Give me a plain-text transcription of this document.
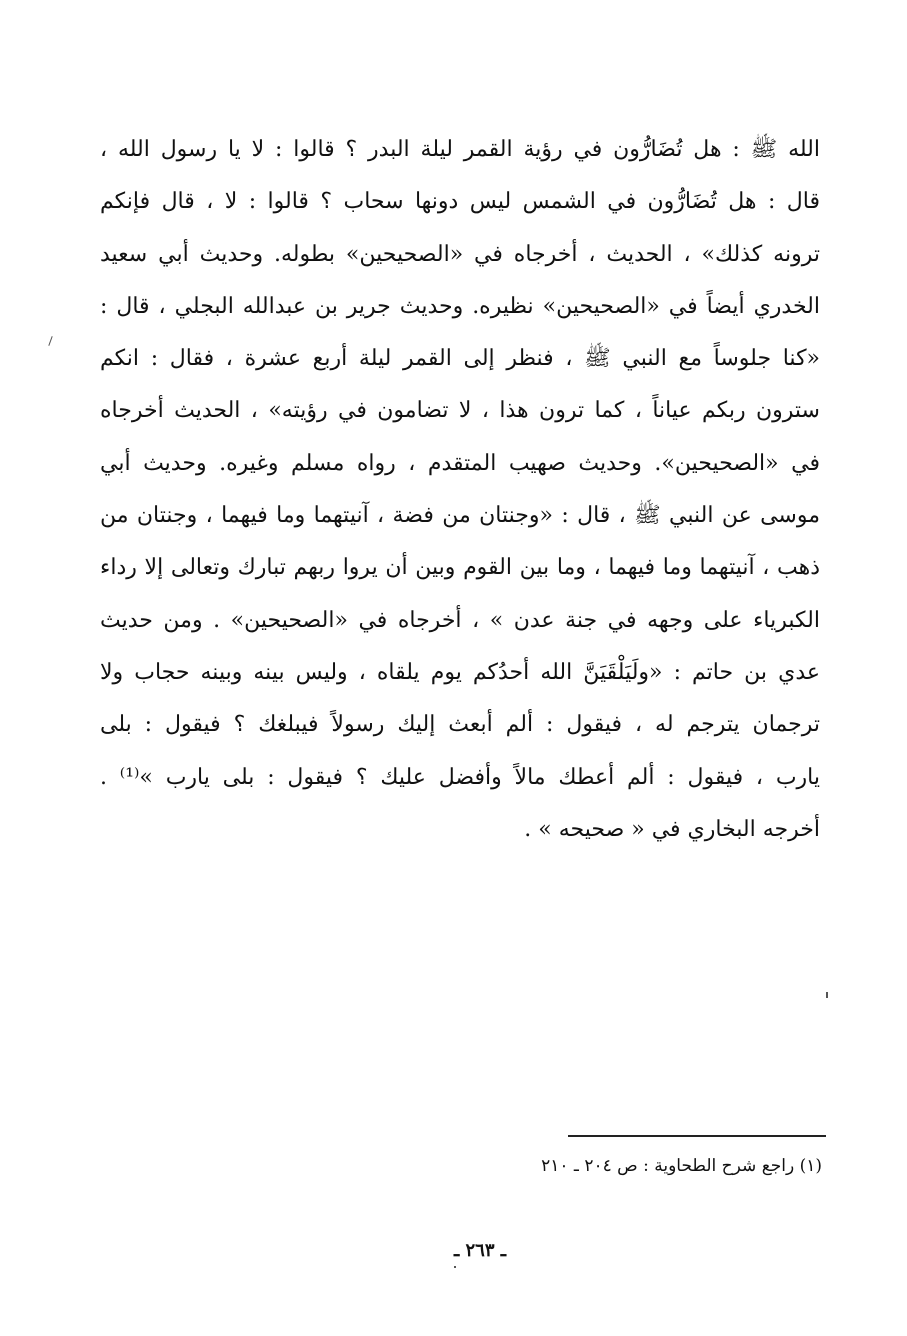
الله ﷺ : هل تُضَارُّون في رؤية القمر ليلة البدر ؟ قالوا : لا يا رسول الله ،
قال : هل تُضَارُّون في الشمس ليس دونها سحاب ؟ قالوا : لا ، قال فإنكم
ترونه كذلك» ، الحديث ، أخرجاه في «الصحيحين» بطوله. وحديث أبي سعيد
الخدري أيضاً في «الصحيحين» نظيره. وحديث جرير بن عبدالله البجلي ، قال :
«كنا جلوساً مع النبي ﷺ ، فنظر إلى القمر ليلة أربع عشرة ، فقال : انكم
سترون ربكم عياناً ، كما ترون هذا ، لا تضامون في رؤيته» ، الحديث أخرجاه
في «الصحيحين». وحديث صهيب المتقدم ، رواه مسلم وغيره. وحديث أبي
موسى عن النبي ﷺ ، قال : «وجنتان من فضة ، آنيتهما وما فيهما ، وجنتان من
ذهب ، آنيتهما وما فيهما ، وما بين القوم وبين أن يروا ربهم تبارك وتعالى إلا رداء
الكبرياء على وجهه في جنة عدن » ، أخرجاه في «الصحيحين» . ومن حديث
عدي بن حاتم : «ولَيَلْقَيَنَّ الله أحدُكم يوم يلقاه ، وليس بينه وبينه حجاب ولا
ترجمان يترجم له ، فيقول : ألم أبعث إليك رسولاً فيبلغك ؟ فيقول : بلى
يارب ، فيقول : ألم أعطك مالاً وأفضل عليك ؟ فيقول : بلى يارب »⁽¹⁾ .
أخرجه البخاري في « صحيحه » .
(١) راجع شرح الطحاوية : ص ٢٠٤ ـ ٢١٠
ـ ٢٦٣ ـ
